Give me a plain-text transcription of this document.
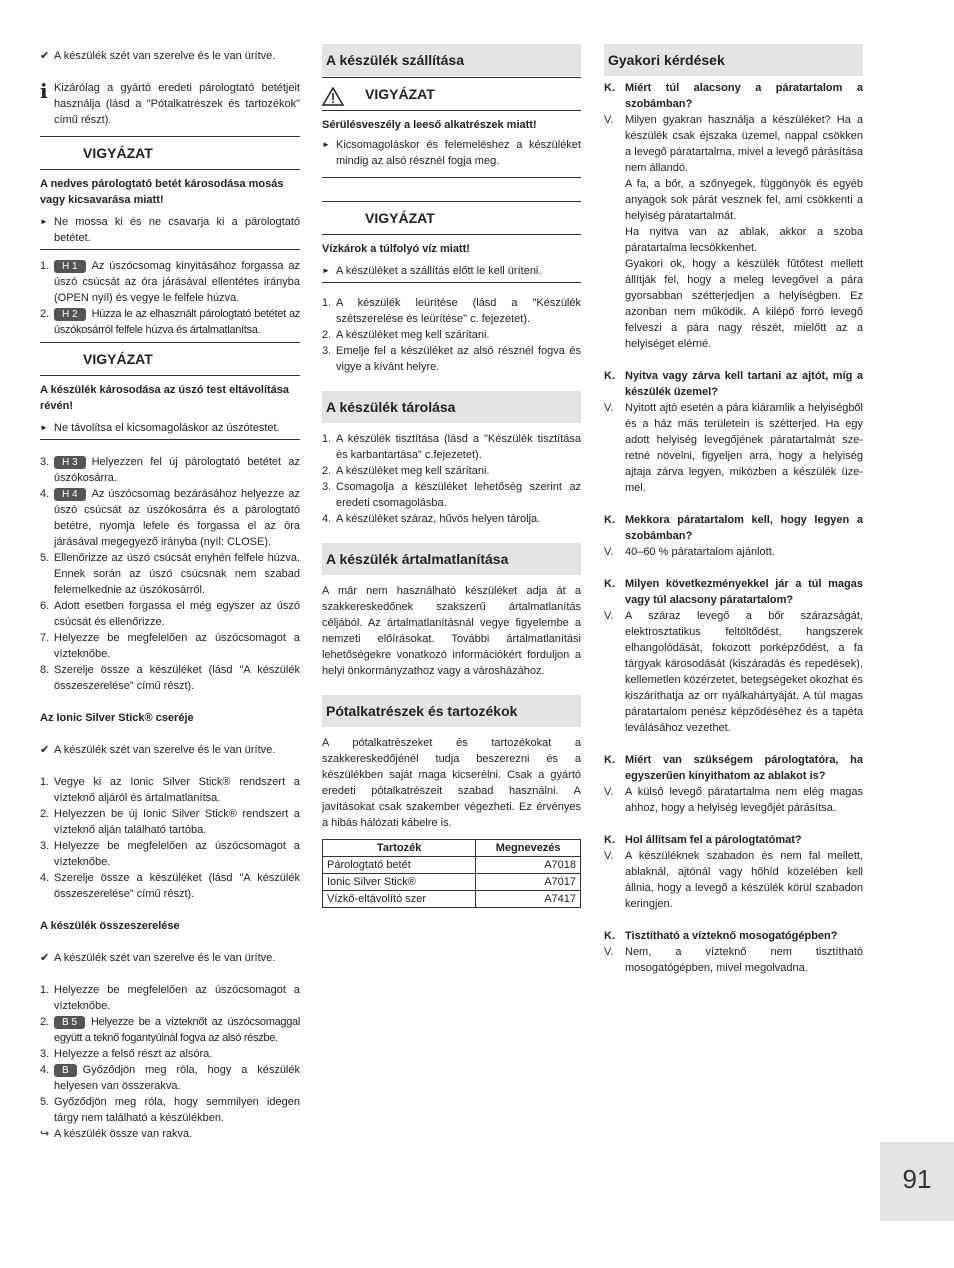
✔ A készülék szét van szerelve és le van ürítve.
i Kizárólag a gyártó eredeti párologtató betétjeit használja (lásd a "Pótalkatrészek és tartozékok" című részt).
VIGYÁZAT

A nedves párologtató betét károsodása mosás vagy kicsavarása miatt!

► Ne mossa ki és ne csavarja ki a párologtató betétet.
1.	H 1 Az úszócsomag kinyitásához forgassa az úszó csúcsát az óra járásával ellentétes irányba (OPEN nyíl) és vegye le felfele húzva.
2.	H 2 Húzza le az elhasznált párologtató betétet az úszókosárról felfele húzva és ártalmatlanítsa.
VIGYÁZAT

A készülék károsodása az úszó test eltávolítása révén!

► Ne távolítsa el kicsomagoláskor az úszótestet.
3.	H 3 Helyezzen fel új párologtató betétet az úszókosárra.
4.	H 4 Az úszócsomag bezárásához helyezze az úszó csúcsát az úszókosárra és a párologtató betétre, nyomja lefele és forgassa el az óra járásával megegyező irányba (nyíl: CLOSE).
5. Ellenőrizze az úszó csúcsát enyhén felfele húzva. Ennek során az úszó csúcsnak nem szabad felemelkednie az úszókosárról.
6. Adott esetben forgassa el még egyszer az úszó csúcsát és ellenőrizze.
7. Helyezze be megfelelően az úszócsomagot a vízteknőbe.
8. Szerelje össze a készüléket (lásd "A készülék összeszerelése" című részt).

Az Ionic Silver Stick® cseréje

✔ A készülék szét van szerelve és le van ürítve.
1. Vegye ki az Ionic Silver Stick® rendszert a vízteknő aljáról és ártalmatlanítsa.
2. Helyezzen be új Ionic Silver Stick® rendszert a vízteknő alján található tartóba.
3. Helyezze be megfelelően az úszócsomagot a vízteknőbe.
4. Szerelje össze a készüléket (lásd "A készülék összeszerelése" című részt).

A készülék összeszerelése

✔ A készülék szét van szerelve és le van ürítve.
1. Helyezze be megfelelően az úszócsomagot a vízteknőbe.
2.	B 5 Helyezze be a vízteknőt az úszócsomaggal együtt a teknő fogantyúinál fogva az alsó részbe.
3. Helyezze a felső részt az alsóra.
4.	B Győződjön meg róla, hogy a készülék helyesen van összerakva.
5. Győződjön meg róla, hogy semmilyen idegen tárgy nem található a készülékben.
↪ A készülék össze van rakva.
A készülék szállítása
VIGYÁZAT

Sérülésveszély a leeső alkatrészek miatt!

► Kicsomagoláskor és felemeléshez a készüléket mindig az alsó résznél fogja meg.
VIGYÁZAT

Vízkárok a túlfolyó víz miatt!

► A készüléket a szállítás előtt le kell üríteni.
1. A készülék leürítése (lásd a "Készülék szétszerelése és leürítése" c. fejezetet).
2. A készüléket meg kell szárítani.
3. Emelje fel a készüléket az alsó résznél fogva és vigye a kívánt helyre.
A készülék tárolása
1. A készülék tisztítása (lásd a "Készülék tisztítása és karbantartása" c.fejezetet).
2. A készüléket meg kell szárítani.
3. Csomagolja a készüléket lehetőség szerint az eredeti csomagolásba.
4. A készüléket száraz, hűvös helyen tárolja.
A készülék ártalmatlanítása

A már nem használható készüléket adja át a szakkereskedőnek szakszerű ártalmatlanítás céljából. Az ártalmatlanításnál vegye figyelembe a nemzeti előírásokat. További ártalmatlanítási lehetőségekre vonatkozó információkért forduljon a helyi önkormányzathoz vagy a városházához.

Pótalkatrészek és tartozékok

A pótalkatrészeket és tartozékokat a szakkereskedőjénél tudja beszerezni és a készülékben saját maga kicserélni. Csak a gyártó eredeti pótalkatrészeit szabad használni. A javításokat csak szakember végezheti. Ez érvényes a hibás hálózati kábelre is.

Tartozék	Megnevezés
Párologtató betét	A7018
Ionic Silver Stick®	A7017
Vízkő-eltávolító szer	A7417
Gyakori kérdések
K. Miért túl alacsony a páratartalom a szobámban?
V.	Milyen gyakran használja a készüléket? Ha a készülék csak éjszaka üzemel, nappal csökken a levegő páratartalma, mivel a levegő párásítása nem állandó.
A fa, a bőr, a szőnyegek, függönyök és egyéb anyagok sok párát vesznek fel, ami csökkenti a helyiség páratartalmát.
Ha nyitva van az ablak, akkor a szoba páratartalma lecsökkenhet.
Gyakori ok, hogy a készülék fűtőtest mellett állítják fel, hogy a meleg levegővel a pára gyorsabban szétterjedjen a helyiségben. Ez azonban nem működik. A kilépő forró levegő felveszi a pára nagy részét, mielőtt az a helyiséget elérné.
K. Nyitva vagy zárva kell tartani az ajtót, míg a készülék üzemel?
V.	Nyitott ajtó esetén a pára kiáramlik a helyiségből és a ház más területein is szétterjed. Ha egy adott helyiség levegőjének páratartalmát sze-retné növelni, figyeljen arra, hogy a helyiség ajtaja zárva legyen, miközben a készülék üze-mel.
K. Mekkora páratartalom kell, hogy legyen a szobámban?
V.	40–60 % páratartalom ajánlott.
K. Milyen következményekkel jár a túl magas vagy túl alacsony páratartalom?
V.	A száraz levegő a bőr szárazságát, elektrosztatikus feltöltődést, hangszerek elhangolódását, fokozott porképződést, a fa tárgyak károsodását (kiszáradás és repedések), kellemetlen közérzetet, betegségeket okozhat és kiszáríthatja az orr nyálkahártyáját. A túl magas páratartalom penész képződéséhez és a tapéta leválásához vezethet.
K. Miért van szükségem párologtatóra, ha egyszerűen kinyithatom az ablakot is?
V.	A külső levegő páratartalma nem elég magas ahhoz, hogy a helyiség levegőjét párásítsa.
K. Hol állítsam fel a párologtatómat?
V.	A készüléknek szabadon és nem fal mellett, ablaknál, ajtónál vagy hőhíd közelében kell állnia, hogy a levegő a készülék körül szabadon keringjen.
K. Tisztítható a vízteknő mosogatógépben?
V.	Nem, a vízteknő nem tisztítható mosogatógépben, mivel megolvadna.
91
